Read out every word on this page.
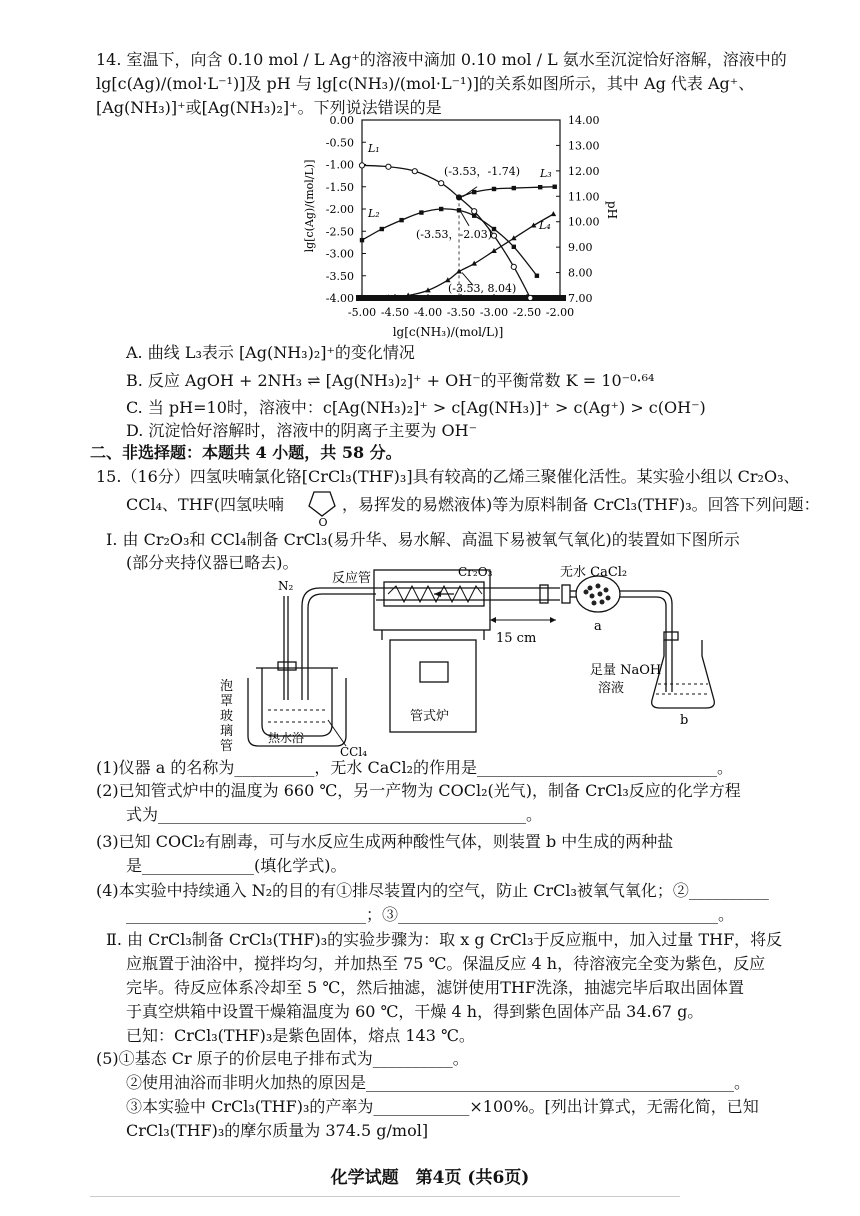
14. 室温下，向含 0.10 mol / L Ag⁺的溶液中滴加 0.10 mol / L 氨水至沉淀恰好溶解，溶液中的
lg[c(Ag)/(mol·L⁻¹)]及 pH 与 lg[c(NH₃)/(mol·L⁻¹)]的关系如图所示，其中 Ag 代表 Ag⁺、
[Ag(NH₃)]⁺或[Ag(NH₃)₂]⁺。下列说法错误的是
-5.00 -4.50 -4.00 -3.50 -3.00 -2.50 -2.00
0.00
-0.50
-1.00
-1.50
-2.00
-2.50
-3.00
-3.50
-4.00
14.00
13.00
12.00
11.00
10.00
9.00
8.00
7.00
lg[c(NH₃)/(mol/L)]
lg[c(Ag)/(mol/L)]	pH
(-3.53，-1.74)
(-3.53，-2.03)
(-3.53, 8.04)
L₁
L₂
L₃
L₄
A. 曲线 L₃表示 [Ag(NH₃)₂]⁺的变化情况
B. 反应 AgOH + 2NH₃ ⇌ [Ag(NH₃)₂]⁺ + OH⁻的平衡常数 K = 10⁻⁰·⁶⁴
C. 当 pH=10时，溶液中：c[Ag(NH₃)₂]⁺ > c[Ag(NH₃)]⁺ > c(Ag⁺) > c(OH⁻)
D. 沉淀恰好溶解时，溶液中的阴离子主要为 OH⁻
二、非选择题：本题共 4 小题，共 58 分。
15.（16分）四氢呋喃氯化铬[CrCl₃(THF)₃]具有较高的乙烯三聚催化活性。某实验小组以 Cr₂O₃、
CCl₄、THF(四氢呋喃
O
，易挥发的易燃液体)等为原料制备 CrCl₃(THF)₃。回答下列问题：
Ⅰ. 由 Cr₂O₃和 CCl₄制备 CrCl₃(易升华、易水解、高温下易被氧气氧化)的装置如下图所示
(部分夹持仪器已略去)。
N₂	反应管	Cr₂O₃	无水 CaCl₂
15 cm
a
b
足量 NaOH
溶液
管式炉
泡
罩
玻
璃
管
热水浴
CCl₄
(1)仪器 a 的名称为__________，无水 CaCl₂的作用是______________________________。
(2)已知管式炉中的温度为 660 ℃，另一产物为 COCl₂(光气)，制备 CrCl₃反应的化学方程
式为______________________________________________。
(3)已知 COCl₂有剧毒，可与水反应生成两种酸性气体，则装置 b 中生成的两种盐
是______________(填化学式)。
(4)本实验中持续通入 N₂的目的有①排尽装置内的空气，防止 CrCl₃被氧气氧化；②__________
______________________________；③________________________________________。
Ⅱ. 由 CrCl₃制备 CrCl₃(THF)₃的实验步骤为：取 x g CrCl₃于反应瓶中，加入过量 THF，将反
应瓶置于油浴中，搅拌均匀，并加热至 75 ℃。保温反应 4 h，待溶液完全变为紫色，反应
完毕。待反应体系冷却至 5 ℃，然后抽滤，滤饼使用THF洗涤，抽滤完毕后取出固体置
于真空烘箱中设置干燥箱温度为 60 ℃，干燥 4 h，得到紫色固体产品 34.67 g。
已知：CrCl₃(THF)₃是紫色固体，熔点 143 ℃。
(5)①基态 Cr 原子的价层电子排布式为__________。
②使用油浴而非明火加热的原因是______________________________________________。
③本实验中 CrCl₃(THF)₃的产率为____________×100%。[列出计算式，无需化简，已知
CrCl₃(THF)₃的摩尔质量为 374.5 g/mol]
化学试题　第4页 (共6页)
